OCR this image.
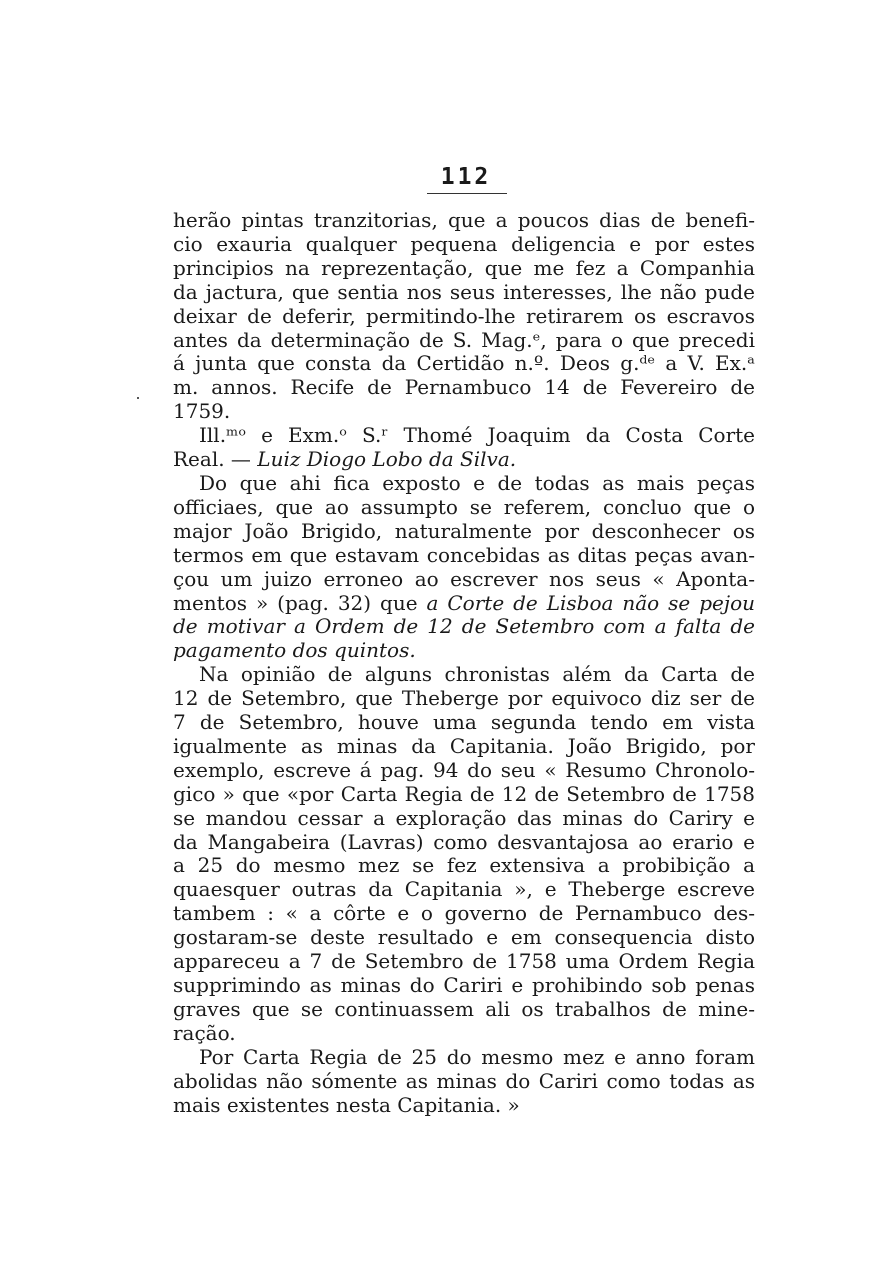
112

herão pintas tranzitorias, que a poucos dias de benefi-

cio exauria qualquer pequena deligencia e por estes

principios na reprezentação, que me fez a Companhia

da jactura, que sentia nos seus interesses, lhe não pude

deixar de deferir, permitindo-lhe retirarem os escravos

antes da determinação de S. Mag.ᵉ, para o que precedi

á junta que consta da Certidão n.º. Deos g.ᵈᵉ a V. Ex.ᵃ

m. annos. Recife de Pernambuco 14 de Fevereiro de

1759.

Ill.ᵐᵒ e Exm.ᵒ S.ʳ Thomé Joaquim da Costa Corte

Real. — Luiz Diogo Lobo da Silva.

Do que ahi fica exposto e de todas as mais peças

officiaes, que ao assumpto se referem, concluo que o

major João Brigido, naturalmente por desconhecer os

termos em que estavam concebidas as ditas peças avan-

çou um juizo erroneo ao escrever nos seus « Aponta-

mentos » (pag. 32) que a Corte de Lisboa não se pejou

de motivar a Ordem de 12 de Setembro com a falta de

pagamento dos quintos.

Na opinião de alguns chronistas além da Carta de

12 de Setembro, que Theberge por equivoco diz ser de

7 de Setembro, houve uma segunda tendo em vista

igualmente as minas da Capitania. João Brigido, por

exemplo, escreve á pag. 94 do seu « Resumo Chronolo-

gico » que «por Carta Regia de 12 de Setembro de 1758

se mandou cessar a exploração das minas do Cariry e

da Mangabeira (Lavras) como desvantajosa ao erario e

a 25 do mesmo mez se fez extensiva a probibição a

quaesquer outras da Capitania », e Theberge escreve

tambem : « a côrte e o governo de Pernambuco des-

gostaram-se deste resultado e em consequencia disto

appareceu a 7 de Setembro de 1758 uma Ordem Regia

supprimindo as minas do Cariri e prohibindo sob penas

graves que se continuassem ali os trabalhos de mine-

ração.

Por Carta Regia de 25 do mesmo mez e anno foram

abolidas não sómente as minas do Cariri como todas as

mais existentes nesta Capitania. »
